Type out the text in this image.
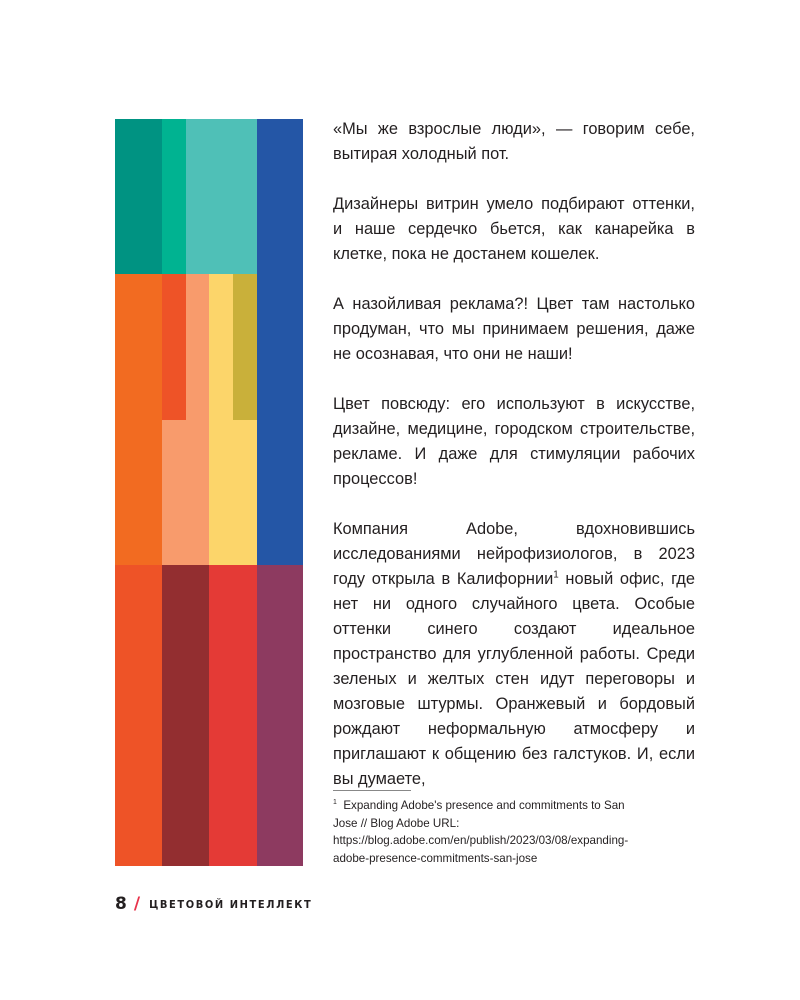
«Мы же взрослые люди», — говорим себе, вытирая холодный пот.

Дизайнеры витрин умело подбирают оттенки, и наше сердечко бьется, как канарейка в клетке, пока не достанем кошелек.

А назойливая реклама?! Цвет там настолько продуман, что мы принимаем решения, даже не осознавая, что они не наши!

Цвет повсюду: его используют в искусстве, дизайне, медицине, городском строительстве, рекламе. И даже для стимуляции рабочих процессов!

Компания Adobe, вдохновившись исследованиями нейрофизиологов, в 2023 году открыла в Калифорнии$^1$ новый офис, где нет ни одного случайного цвета. Особые оттенки синего создают идеальное пространство для углубленной работы. Среди зеленых и желтых стен идут переговоры и мозговые штурмы. Оранжевый и бордовый рождают неформальную атмосферу и приглашают к общению без галстуков. И, если вы думаете,

$^1$ Expanding Adobe's presence and commitments to San Jose // Blog Adobe URL: https://blog.adobe.com/en/publish/2023/03/08/expanding-adobe-presence-commitments-san-jose
8 / ЦВЕТОВОЙ ИНТЕЛЛЕКТ
